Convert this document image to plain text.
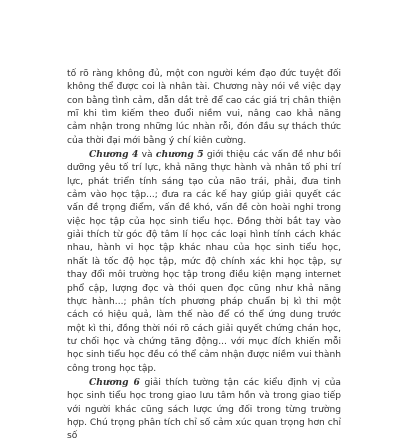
tố rõ ràng không đủ, một con người kém đạo đức tuyệt đối không thể được coi là nhân tài. Chương này nói về việc dạy con bằng tình cảm, dẫn dắt trẻ để cao các giá trị chân thiện mĩ khi tìm kiếm theo đuổi niềm vui, nâng cao khả năng cảm nhận trong những lúc nhàn rỗi, đón đầu sự thách thức của thời đại mới bằng ý chí kiên cường.

Chương 4 và chương 5 giới thiệu các vấn đề như bồi dưỡng yêu tố trí lực, khả năng thực hành và nhân tố phi trí lực, phát triển tính sáng tạo của não trái, phải, đưa tinh cảm vào học tập...; đưa ra các kế hay giúp giải quyết các vấn đề trọng điểm, vấn đề khó, vấn đề còn hoài nghi trong việc học tập của học sinh tiểu học. Đồng thời bắt tay vào giải thích từ góc độ tâm lí học các loại hình tính cách khác nhau, hành vi học tập khác nhau của học sinh tiểu học, nhất là tốc độ học tập, mức độ chính xác khi học tập, sự thay đổi môi trường học tập trong điều kiện mạng internet phổ cập, lượng đọc và thói quen đọc cũng như khả năng thực hành...; phân tích phương pháp chuẩn bị kì thi một cách có hiệu quả, làm thế nào để có thể ứng dung trước một kì thi, đồng thời nói rõ cách giải quyết chứng chán học, tư chối học và chứng tăng động... với mục đích khiến mỗi học sinh tiểu học đều có thể cảm nhận được niềm vui thành công trong học tập.

Chương 6 giải thích tường tận các kiểu định vị của học sinh tiểu học trong giao lưu tâm hồn và trong giao tiếp với người khác cũng sách lược ứng đối trong từng trường hợp. Chú trọng phân tích chỉ số cảm xúc quan trọng hơn chỉ số
